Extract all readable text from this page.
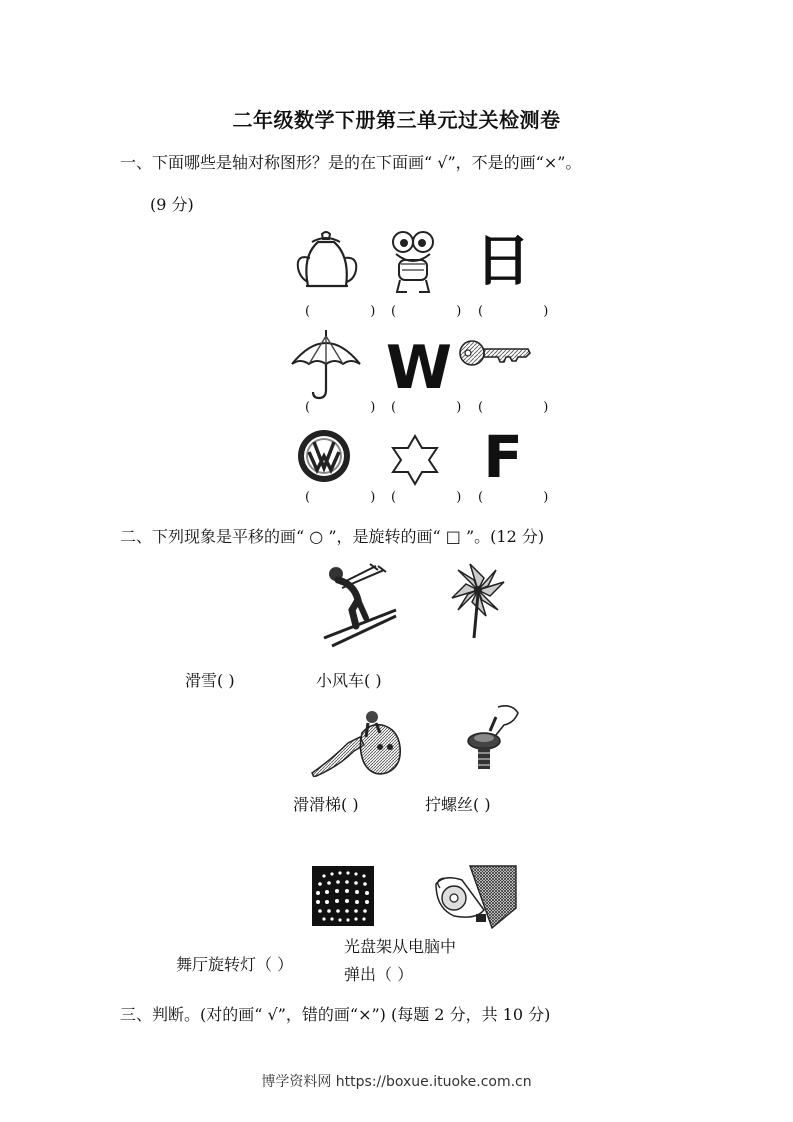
二年级数学下册第三单元过关检测卷
一、下面哪些是轴对称图形？是的在下面画“ √”，不是的画“×”。
(9 分)
日
( )
( )
( )
W
( )
( )
( )
F
( )
( )
( )
二、下列现象是平移的画“ ○ ”，是旋转的画“ □ ”。(12 分)
滑雪( )	小风车( )
滑滑梯( )	拧螺丝( )
舞厅旋转灯（ ）
光盘架从电脑中
弹出（ ）
三、判断。(对的画“ √”，错的画“×”) (每题 2 分，共 10 分)
博学资料网 https://boxue.ituoke.com.cn
